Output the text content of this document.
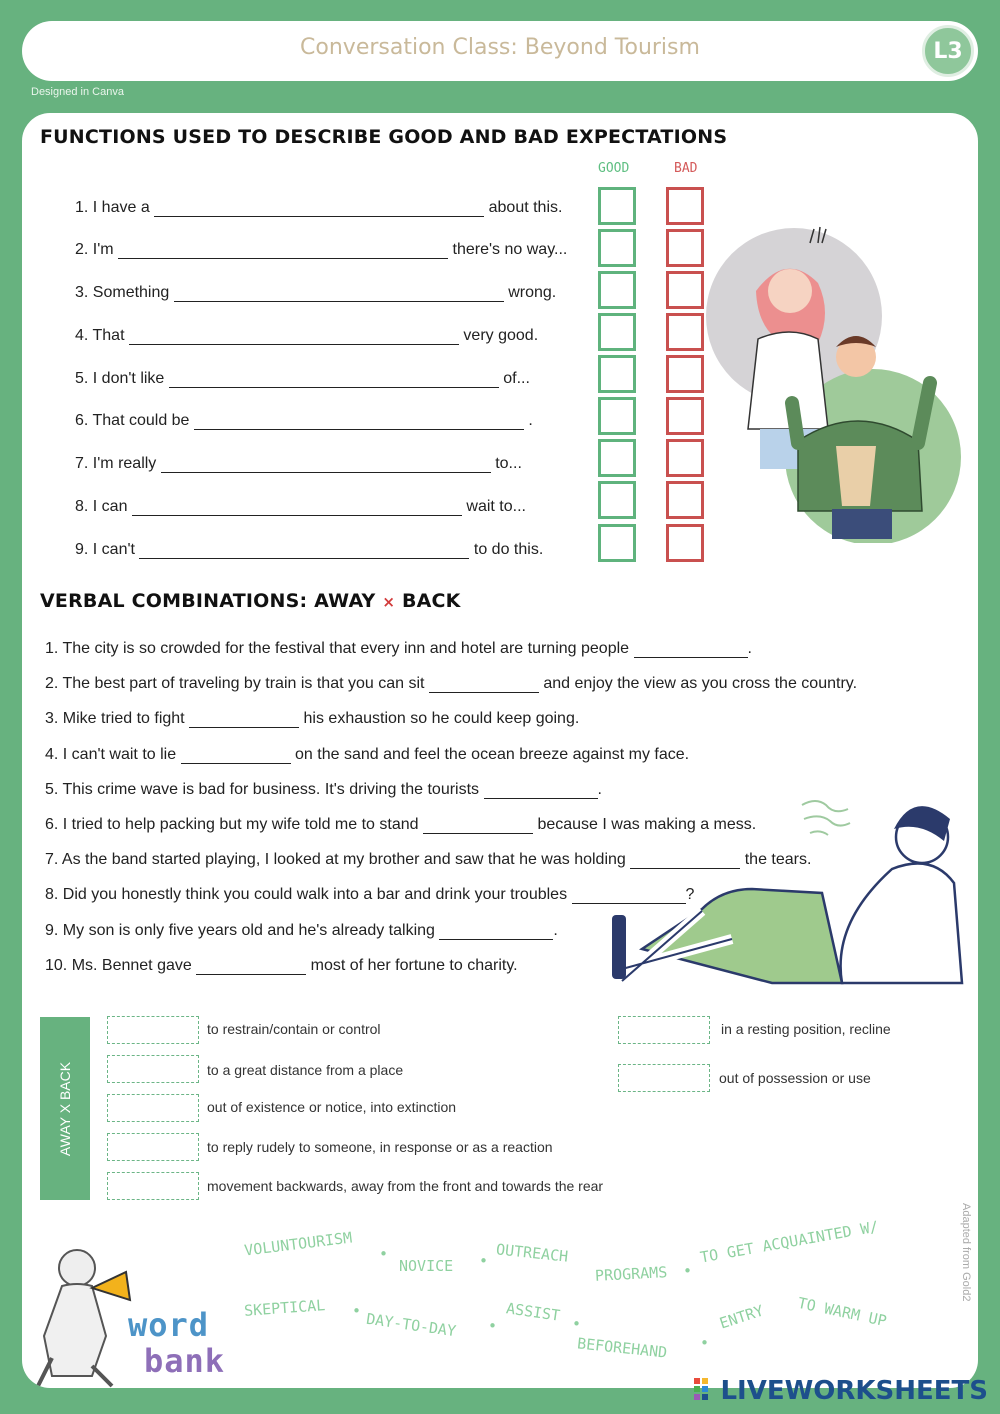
Conversation Class: Beyond Tourism	L3
Designed in Canva
FUNCTIONS USED TO DESCRIBE GOOD AND BAD EXPECTATIONS
GOOD	BAD
1. I have a	about this.
2. I'm	there's no way...
3. Something	wrong.
4. That	very good.
5. I don't like	of...
6. That could be	.
7. I'm really	to...
8. I can	wait to...
9. I can't	to do this.
VERBAL COMBINATIONS: AWAY × BACK
1. The city is so crowded for the festival that every inn and hotel are turning people	.
2. The best part of traveling by train is that you can sit	and enjoy the view as you cross the country.
3. Mike tried to fight	his exhaustion so he could keep going.
4. I can't wait to lie	on the sand and feel the ocean breeze against my face.
5. This crime wave is bad for business. It's driving the tourists	.
6. I tried to help packing but my wife told me to stand	because I was making a mess.
7. As the band started playing, I looked at my brother and saw that he was holding	the tears.
8. Did you honestly think you could walk into a bar and drink your troubles	?
9. My son is only five years old and he's already talking	.
10. Ms. Bennet gave	most of her fortune to charity.
AWAY X BACK
to restrain/contain or control
to a great distance from a place
out of existence or notice, into extinction
to reply rudely to someone, in response or as a reaction
movement backwards, away from the front and towards the rear
in a resting position, recline
out of possession or use
Adapted from Gold2
word
bank
VOLUNTOURISM •
NOVICE • OUTREACH
PROGRAMS •
TO GET ACQUAINTED W/
SKEPTICAL • DAY-TO-DAY •
ASSIST •
BEFOREHAND •
ENTRY TO WARM UP
LIVEWORKSHEETS
